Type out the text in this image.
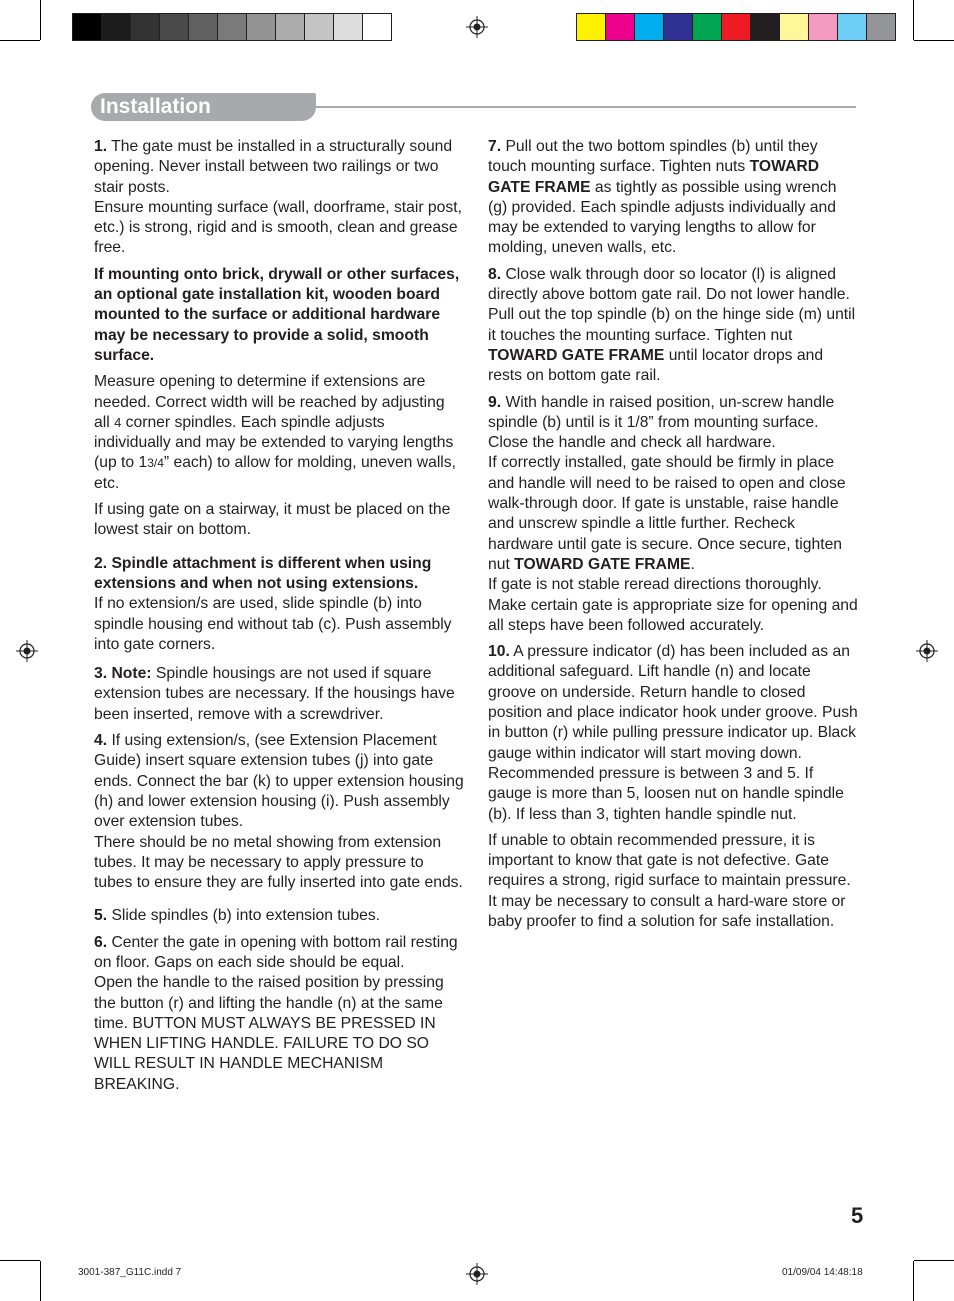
Installation

1. The gate must be installed in a structurally sound opening. Never install between two railings or two stair posts.
Ensure mounting surface (wall, doorframe, stair post, etc.) is strong, rigid and is smooth, clean and grease free.

If mounting onto brick, drywall or other surfaces, an optional gate installation kit, wooden board mounted to the surface or additional hardware may be necessary to provide a solid, smooth surface.

Measure opening to determine if extensions are needed. Correct width will be reached by adjusting all 4 corner spindles. Each spindle adjusts individually and may be extended to varying lengths (up to 13/4” each) to allow for molding, uneven walls, etc.

If using gate on a stairway, it must be placed on the lowest stair on bottom.

2. Spindle attachment is different when using extensions and when not using extensions.
If no extension/s are used, slide spindle (b) into spindle housing end without tab (c). Push assembly into gate corners.

3. Note: Spindle housings are not used if square extension tubes are necessary. If the housings have been inserted, remove with a screwdriver.

4. If using extension/s, (see Extension Placement Guide) insert square extension tubes (j) into gate ends. Connect the bar (k) to upper extension housing (h) and lower extension housing (i). Push assembly over extension tubes.
There should be no metal showing from extension tubes. It may be necessary to apply pressure to tubes to ensure they are fully inserted into gate ends.

5. Slide spindles (b) into extension tubes.

6. Center the gate in opening with bottom rail resting on floor. Gaps on each side should be equal.
Open the handle to the raised position by pressing the button (r) and lifting the handle (n) at the same time. BUTTON MUST ALWAYS BE PRESSED IN WHEN LIFTING HANDLE. FAILURE TO DO SO WILL RESULT IN HANDLE MECHANISM BREAKING.

7. Pull out the two bottom spindles (b) until they touch mounting surface. Tighten nuts TOWARD GATE FRAME as tightly as possible using wrench (g) provided. Each spindle adjusts individually and may be extended to varying lengths to allow for molding, uneven walls, etc.

8. Close walk through door so locator (l) is aligned directly above bottom gate rail. Do not lower handle. Pull out the top spindle (b) on the hinge side (m) until it touches the mounting surface. Tighten nut TOWARD GATE FRAME until locator drops and rests on bottom gate rail.

9. With handle in raised position, un-screw handle spindle (b) until is it 1/8” from mounting surface. Close the handle and check all hardware.
If correctly installed, gate should be firmly in place and handle will need to be raised to open and close walk-through door. If gate is unstable, raise handle and unscrew spindle a little further. Recheck hardware until gate is secure. Once secure, tighten nut TOWARD GATE FRAME.
If gate is not stable reread directions thoroughly. Make certain gate is appropriate size for opening and all steps have been followed accurately.

10. A pressure indicator (d) has been included as an additional safeguard. Lift handle (n) and locate groove on underside. Return handle to closed position and place indicator hook under groove. Push in button (r) while pulling pressure indicator up. Black gauge within indicator will start moving down. Recommended pressure is between 3 and 5. If gauge is more than 5, loosen nut on handle spindle (b). If less than 3, tighten handle spindle nut.

If unable to obtain recommended pressure, it is important to know that gate is not defective. Gate requires a strong, rigid surface to maintain pressure. It may be necessary to consult a hard-ware store or baby proofer to find a solution for safe installation.

5
3001-387_G11C.indd 7	01/09/04 14:48:18
